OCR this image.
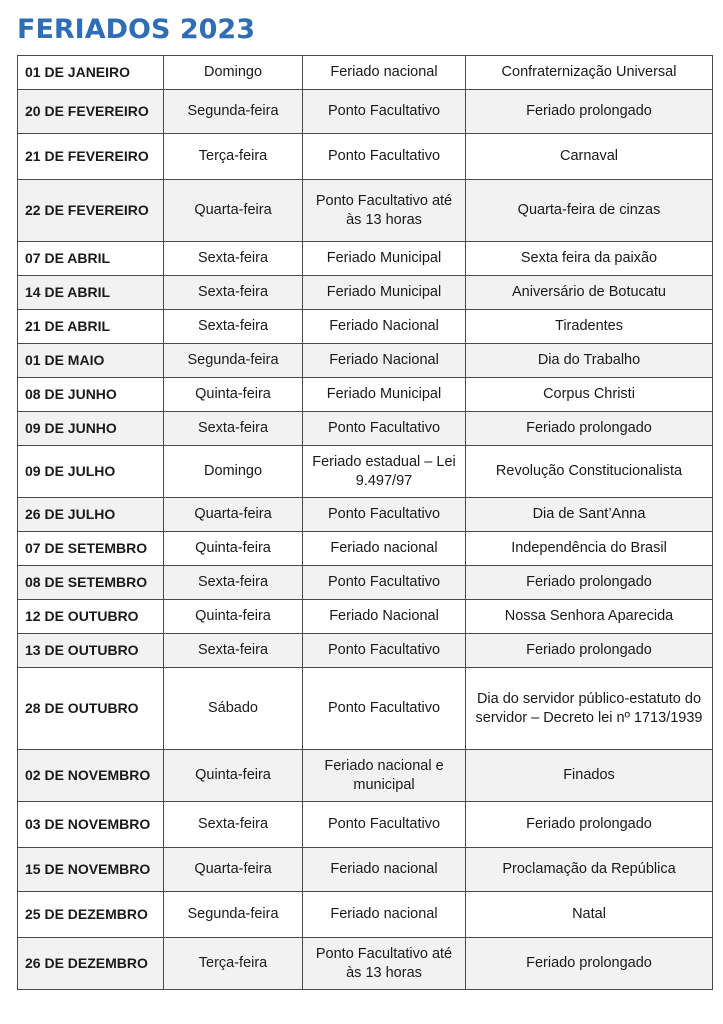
FERIADOS 2023
01 DE JANEIRO	Domingo	Feriado nacional	Confraternização Universal
20 DE FEVEREIRO	Segunda-feira	Ponto Facultativo	Feriado prolongado
21 DE FEVEREIRO	Terça-feira	Ponto Facultativo	Carnaval
22 DE FEVEREIRO	Quarta-feira	Ponto Facultativo até às 13 horas	Quarta-feira de cinzas
07 DE ABRIL	Sexta-feira	Feriado Municipal	Sexta feira da paixão
14 DE ABRIL	Sexta-feira	Feriado Municipal	Aniversário de Botucatu
21 DE ABRIL	Sexta-feira	Feriado Nacional	Tiradentes
01 DE MAIO	Segunda-feira	Feriado Nacional	Dia do Trabalho
08 DE JUNHO	Quinta-feira	Feriado Municipal	Corpus Christi
09 DE JUNHO	Sexta-feira	Ponto Facultativo	Feriado prolongado
09 DE JULHO	Domingo	Feriado estadual – Lei 9.497/97	Revolução Constitucionalista
26 DE JULHO	Quarta-feira	Ponto Facultativo	Dia de Sant’Anna
07 DE SETEMBRO	Quinta-feira	Feriado nacional	Independência do Brasil
08 DE SETEMBRO	Sexta-feira	Ponto Facultativo	Feriado prolongado
12 DE OUTUBRO	Quinta-feira	Feriado Nacional	Nossa Senhora Aparecida
13 DE OUTUBRO	Sexta-feira	Ponto Facultativo	Feriado prolongado
28 DE OUTUBRO	Sábado	Ponto Facultativo	Dia do servidor público-estatuto do servidor – Decreto lei nº 1713/1939
02 DE NOVEMBRO	Quinta-feira	Feriado nacional e municipal	Finados
03 DE NOVEMBRO	Sexta-feira	Ponto Facultativo	Feriado prolongado
15 DE NOVEMBRO	Quarta-feira	Feriado nacional	Proclamação da República
25 DE DEZEMBRO	Segunda-feira	Feriado nacional	Natal
26 DE DEZEMBRO	Terça-feira	Ponto Facultativo até às 13 horas	Feriado prolongado
